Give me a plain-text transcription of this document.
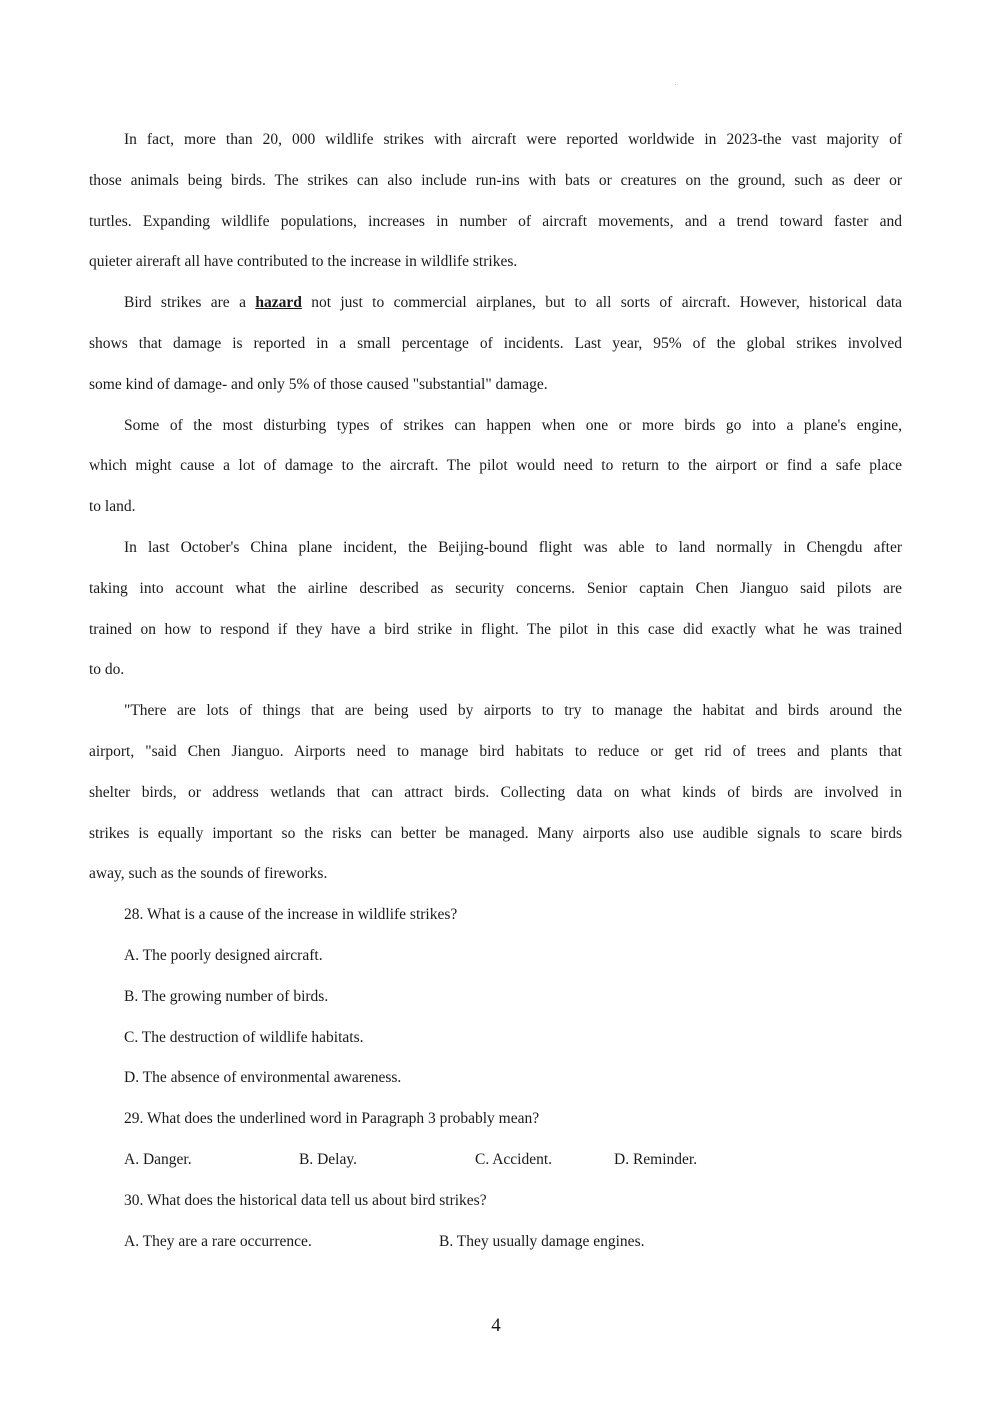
In fact, more than 20, 000 wildlife strikes with aircraft were reported worldwide in 2023-the vast majority of
those animals being birds. The strikes can also include run-ins with bats or creatures on the ground, such as deer or
turtles. Expanding wildlife populations, increases in number of aircraft movements, and a trend toward faster and
quieter aireraft all have contributed to the increase in wildlife strikes.
Bird strikes are a hazard not just to commercial airplanes, but to all sorts of aircraft. However, historical data
shows that damage is reported in a small percentage of incidents. Last year, 95% of the global strikes involved
some kind of damage- and only 5% of those caused "substantial" damage.
Some of the most disturbing types of strikes can happen when one or more birds go into a plane's engine,
which might cause a lot of damage to the aircraft. The pilot would need to return to the airport or find a safe place
to land.
In last October's China plane incident, the Beijing-bound flight was able to land normally in Chengdu after
taking into account what the airline described as security concerns. Senior captain Chen Jianguo said pilots are
trained on how to respond if they have a bird strike in flight. The pilot in this case did exactly what he was trained
to do.
"There are lots of things that are being used by airports to try to manage the habitat and birds around the
airport, "said Chen Jianguo. Airports need to manage bird habitats to reduce or get rid of trees and plants that
shelter birds, or address wetlands that can attract birds. Collecting data on what kinds of birds are involved in
strikes is equally important so the risks can better be managed. Many airports also use audible signals to scare birds
away, such as the sounds of fireworks.
28. What is a cause of the increase in wildlife strikes?
A. The poorly designed aircraft.
B. The growing number of birds.
C. The destruction of wildlife habitats.
D. The absence of environmental awareness.
29. What does the underlined word in Paragraph 3 probably mean?
A. Danger.	B. Delay.	C. Accident.	D. Reminder.
30. What does the historical data tell us about bird strikes?
A. They are a rare occurrence.	B. They usually damage engines.
4
